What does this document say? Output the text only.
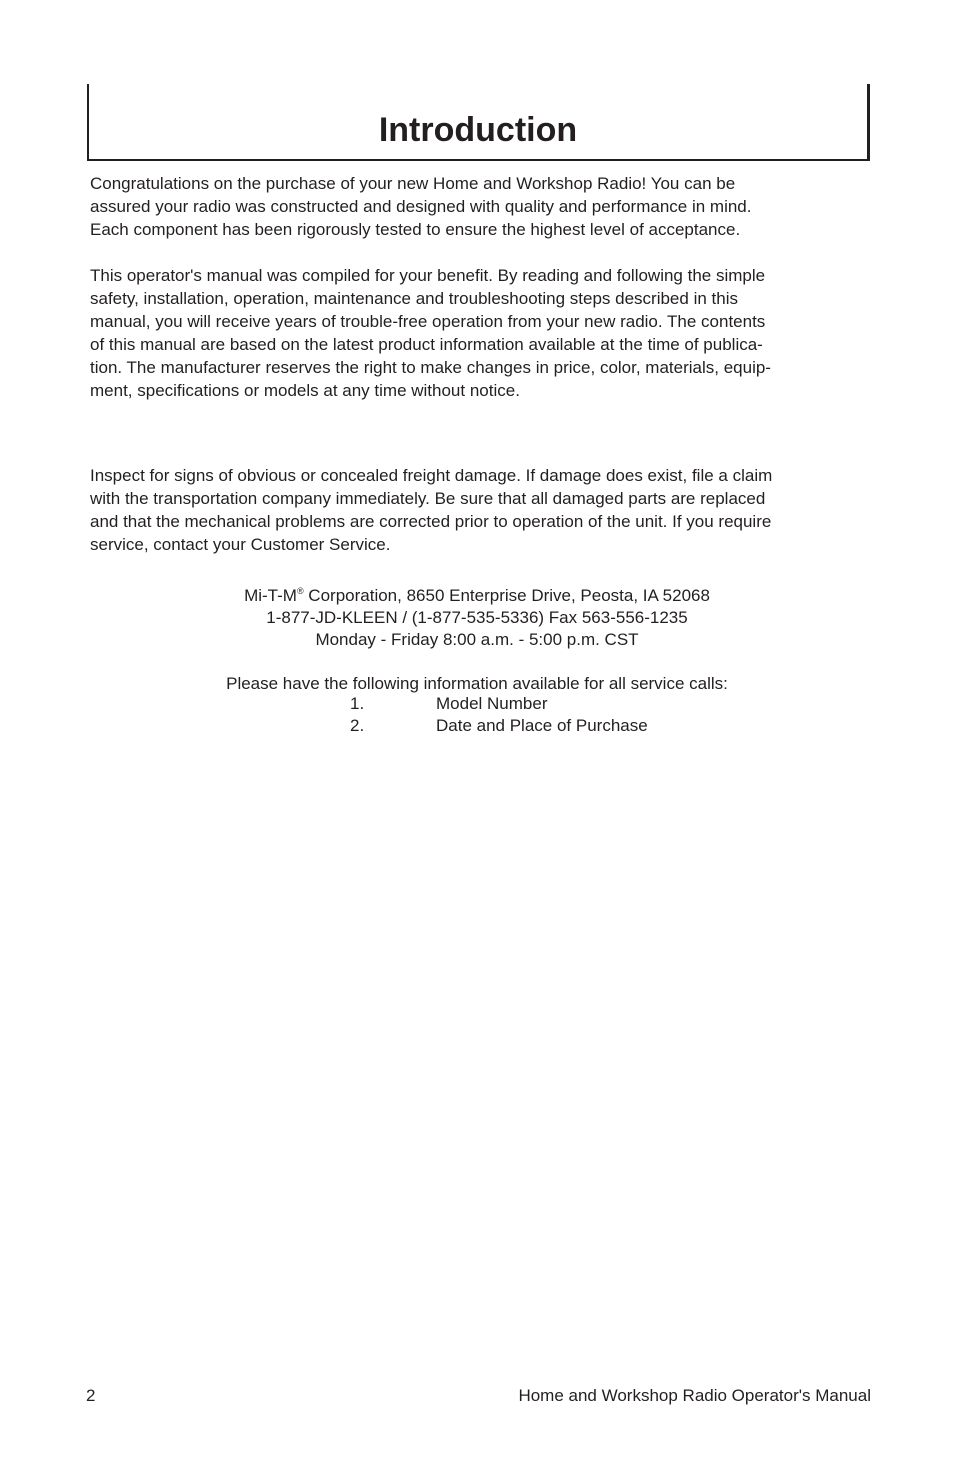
Introduction

Congratulations on the purchase of your new Home and Workshop Radio! You can be
assured your radio was constructed and designed with quality and performance in mind.
Each component has been rigorously tested to ensure the highest level of acceptance.

This operator's manual was compiled for your benefit. By reading and following the simple
safety, installation, operation, maintenance and troubleshooting steps described in this
manual, you will receive years of trouble-free operation from your new radio. The contents
of this manual are based on the latest product information available at the time of publica-
tion. The manufacturer reserves the right to make changes in price, color, materials, equip-
ment, specifications or models at any time without notice.

Inspect for signs of obvious or concealed freight damage. If damage does exist, file a claim
with the transportation company immediately. Be sure that all damaged parts are replaced
and that the mechanical problems are corrected prior to operation of the unit. If you require
service, contact your Customer Service.

Mi-T-M® Corporation, 8650 Enterprise Drive, Peosta, IA 52068
1-877-JD-KLEEN / (1-877-535-5336) Fax 563-556-1235
Monday - Friday 8:00 a.m. - 5:00 p.m. CST

Please have the following information available for all service calls:

1.	Model Number
2.	Date and Place of Purchase
2	Home and Workshop Radio Operator's Manual
